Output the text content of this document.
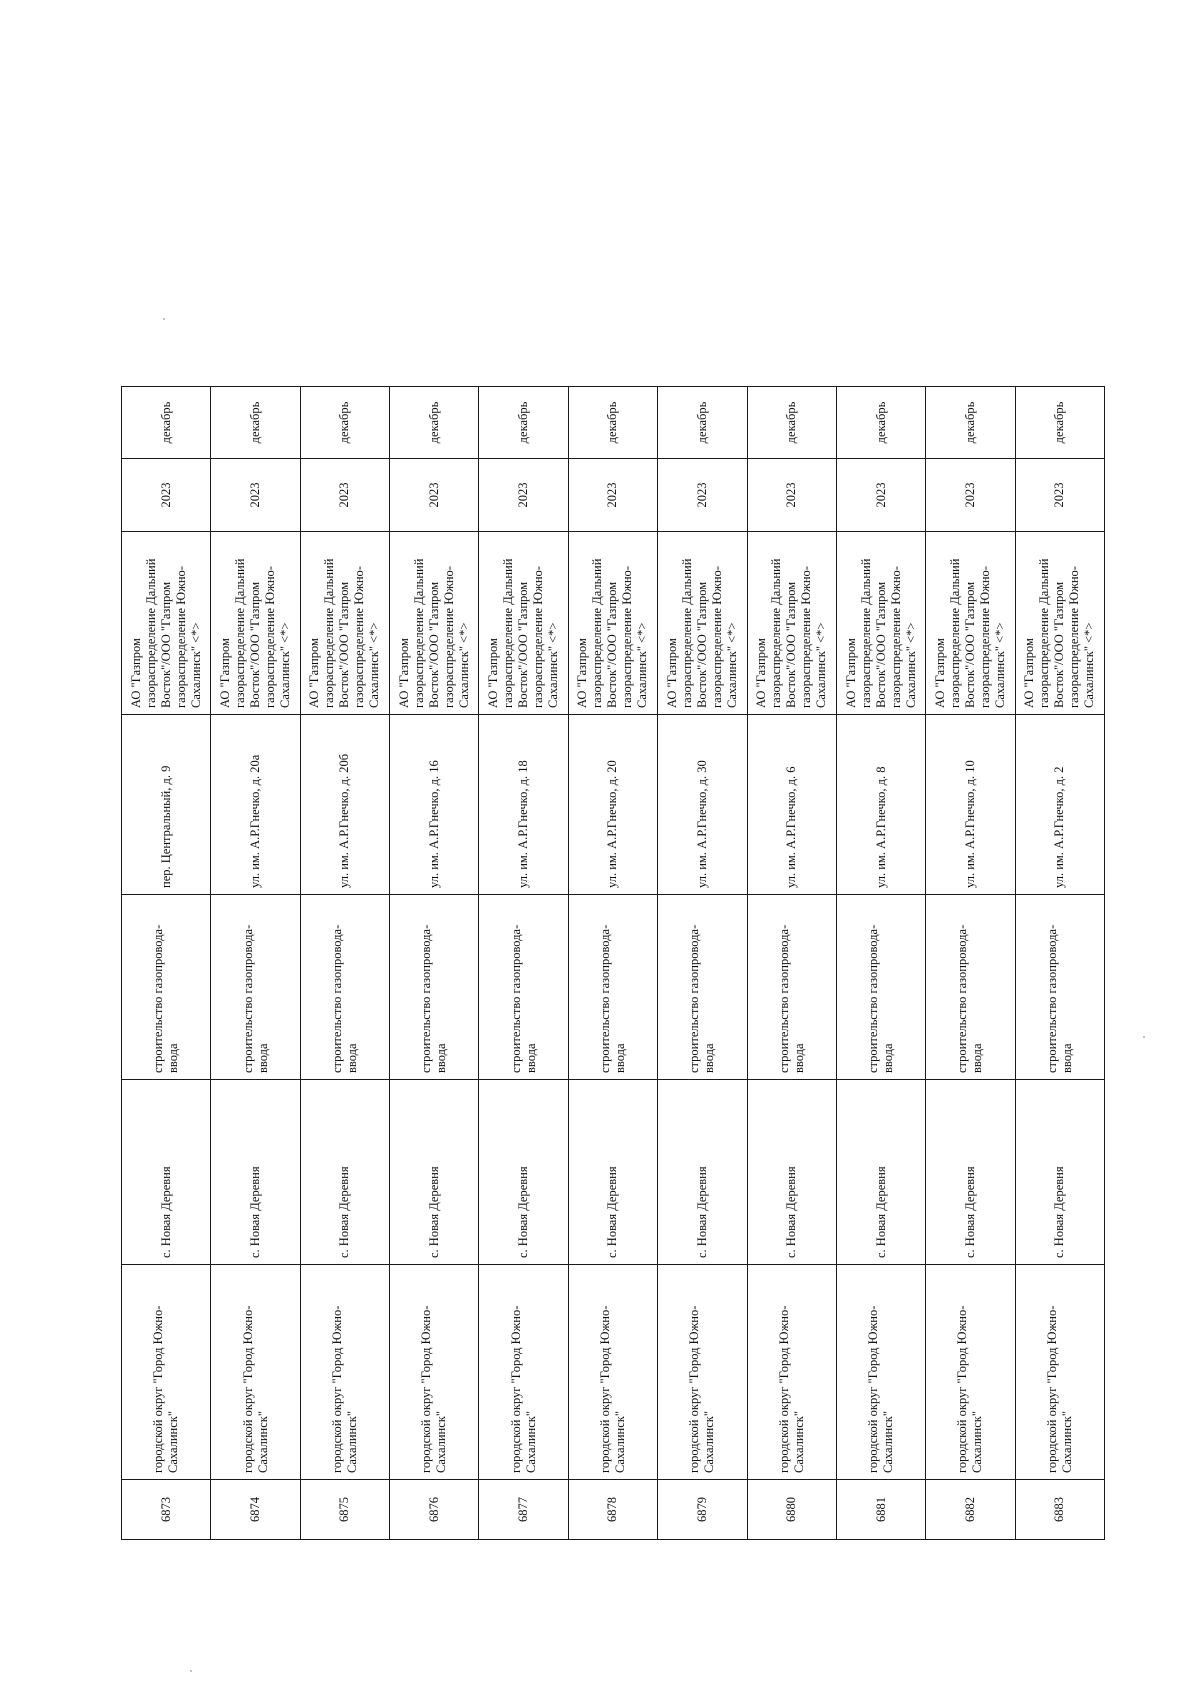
6873	городской округ "Город Южно-Сахалинск"	с. Новая Деревня	строительство газопровода-ввода	пер. Центральный, д. 9	АО "Газпром газораспределение Дальний Восток"/ООО "Газпром газораспределение Южно-Сахалинск" <*>	2023	декабрь
6874	городской округ "Город Южно-Сахалинск"	с. Новая Деревня	строительство газопровода-ввода	ул. им. А.Р.Гнечко, д. 20а	АО "Газпром газораспределение Дальний Восток"/ООО "Газпром газораспределение Южно-Сахалинск" <*>	2023	декабрь
6875	городской округ "Город Южно-Сахалинск"	с. Новая Деревня	строительство газопровода-ввода	ул. им. А.Р.Гнечко, д. 20б	АО "Газпром газораспределение Дальний Восток"/ООО "Газпром газораспределение Южно-Сахалинск" <*>	2023	декабрь
6876	городской округ "Город Южно-Сахалинск"	с. Новая Деревня	строительство газопровода-ввода	ул. им. А.Р.Гнечко, д. 16	АО "Газпром газораспределение Дальний Восток"/ООО "Газпром газораспределение Южно-Сахалинск" <*>	2023	декабрь
6877	городской округ "Город Южно-Сахалинск"	с. Новая Деревня	строительство газопровода-ввода	ул. им. А.Р.Гнечко, д. 18	АО "Газпром газораспределение Дальний Восток"/ООО "Газпром газораспределение Южно-Сахалинск" <*>	2023	декабрь
6878	городской округ "Город Южно-Сахалинск"	с. Новая Деревня	строительство газопровода-ввода	ул. им. А.Р.Гнечко, д. 20	АО "Газпром газораспределение Дальний Восток"/ООО "Газпром газораспределение Южно-Сахалинск" <*>	2023	декабрь
6879	городской округ "Город Южно-Сахалинск"	с. Новая Деревня	строительство газопровода-ввода	ул. им. А.Р.Гнечко, д. 30	АО "Газпром газораспределение Дальний Восток"/ООО "Газпром газораспределение Южно-Сахалинск" <*>	2023	декабрь
6880	городской округ "Город Южно-Сахалинск"	с. Новая Деревня	строительство газопровода-ввода	ул. им. А.Р.Гнечко, д. 6	АО "Газпром газораспределение Дальний Восток"/ООО "Газпром газораспределение Южно-Сахалинск" <*>	2023	декабрь
6881	городской округ "Город Южно-Сахалинск"	с. Новая Деревня	строительство газопровода-ввода	ул. им. А.Р.Гнечко, д. 8	АО "Газпром газораспределение Дальний Восток"/ООО "Газпром газораспределение Южно-Сахалинск" <*>	2023	декабрь
6882	городской округ "Город Южно-Сахалинск"	с. Новая Деревня	строительство газопровода-ввода	ул. им. А.Р.Гнечко, д. 10	АО "Газпром газораспределение Дальний Восток"/ООО "Газпром газораспределение Южно-Сахалинск" <*>	2023	декабрь
6883	городской округ "Город Южно-Сахалинск"	с. Новая Деревня	строительство газопровода-ввода	ул. им. А.Р.Гнечко, д. 2	АО "Газпром газораспределение Дальний Восток"/ООО "Газпром газораспределение Южно-Сахалинск" <*>	2023	декабрь
